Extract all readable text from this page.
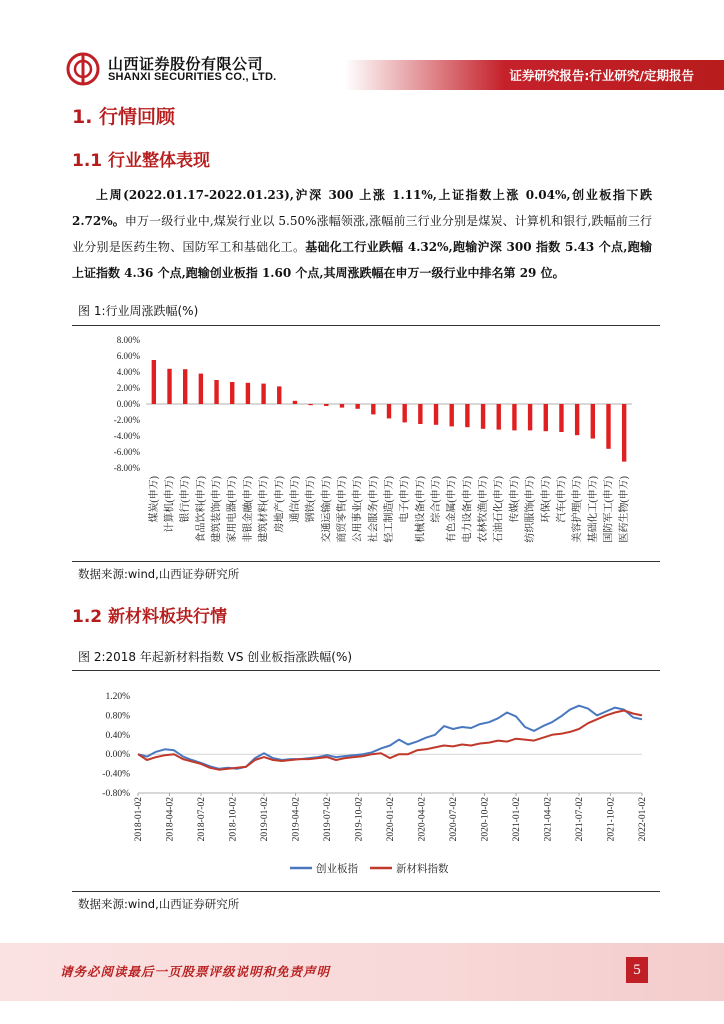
山西证券股份有限公司
SHANXI SECURITIES CO., LTD.	证券研究报告:行业研究/定期报告
1. 行情回顾
1.1 行业整体表现
上周(2022.01.17-2022.01.23),沪深 300 上涨 1.11%,上证指数上涨 0.04%,创业板指下跌 2.72%。申万一级行业中,煤炭行业以 5.50%涨幅领涨,涨幅前三行业分别是煤炭、计算机和银行,跌幅前三行业分别是医药生物、国防军工和基础化工。基础化工行业跌幅 4.32%,跑输沪深 300 指数 5.43 个点,跑输上证指数 4.36 个点,跑输创业板指 1.60 个点,其周涨跌幅在申万一级行业中排名第 29 位。
图 1:行业周涨跌幅(%)
8.00%
6.00%
4.00%
2.00%
0.00%
-2.00%
-4.00%
-6.00%
-8.00%
煤炭(申万) 计算机(申万) 银行(申万) 食品饮料(申万) 建筑装饰(申万) 家用电器(申万) 非银金融(申万) 建筑材料(申万) 房地产(申万) 通信(申万) 钢铁(申万) 交通运输(申万) 商贸零售(申万) 公用事业(申万) 社会服务(申万) 轻工制造(申万) 电子(申万) 机械设备(申万) 综合(申万) 有色金属(申万) 电力设备(申万) 农林牧渔(申万) 石油石化(申万) 传媒(申万) 纺织服饰(申万) 环保(申万) 汽车(申万) 美容护理(申万) 基础化工(申万) 国防军工(申万) 医药生物(申万)
数据来源:wind,山西证券研究所
1.2 新材料板块行情
图 2:2018 年起新材料指数 VS 创业板指涨跌幅(%)
1.20%
0.80%
0.40%
0.00%
-0.40%
-0.80%
2018-01-02 2018-04-02 2018-07-02 2018-10-02 2019-01-02 2019-04-02 2019-07-02 2019-10-02 2020-01-02 2020-04-02 2020-07-02 2020-10-02 2021-01-02 2021-04-02 2021-07-02 2021-10-02 2022-01-02
创业板指	新材料指数
数据来源:wind,山西证券研究所
请务必阅读最后一页股票评级说明和免责声明	5
